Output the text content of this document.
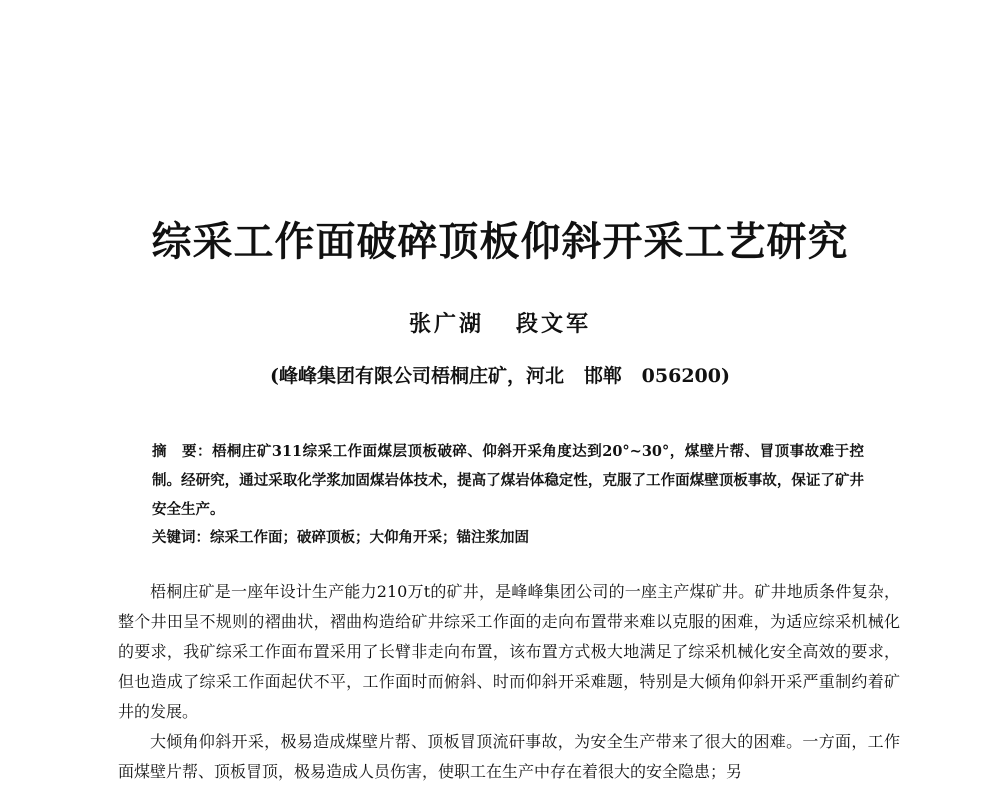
综采工作面破碎顶板仰斜开采工艺研究
张广湖   段文军
(峰峰集团有限公司梧桐庄矿，河北   邯郸   056200)
摘　要：梧桐庄矿311综采工作面煤层顶板破碎、仰斜开采角度达到20°~30°，煤壁片帮、冒顶事故难于控制。经研究，通过采取化学浆加固煤岩体技术，提高了煤岩体稳定性，克服了工作面煤壁顶板事故，保证了矿井安全生产。
关键词：综采工作面；破碎顶板；大仰角开采；锚注浆加固

梧桐庄矿是一座年设计生产能力210万t的矿井，是峰峰集团公司的一座主产煤矿井。矿井地质条件复杂，整个井田呈不规则的褶曲状，褶曲构造给矿井综采工作面的走向布置带来难以克服的困难，为适应综采机械化的要求，我矿综采工作面布置采用了长臂非走向布置，该布置方式极大地满足了综采机械化安全高效的要求，但也造成了综采工作面起伏不平，工作面时而俯斜、时而仰斜开采难题，特别是大倾角仰斜开采严重制约着矿井的发展。

大倾角仰斜开采，极易造成煤壁片帮、顶板冒顶流矸事故，为安全生产带来了很大的困难。一方面，工作面煤壁片帮、顶板冒顶，极易造成人员伤害，使职工在生产中存在着很大的安全隐患；另
